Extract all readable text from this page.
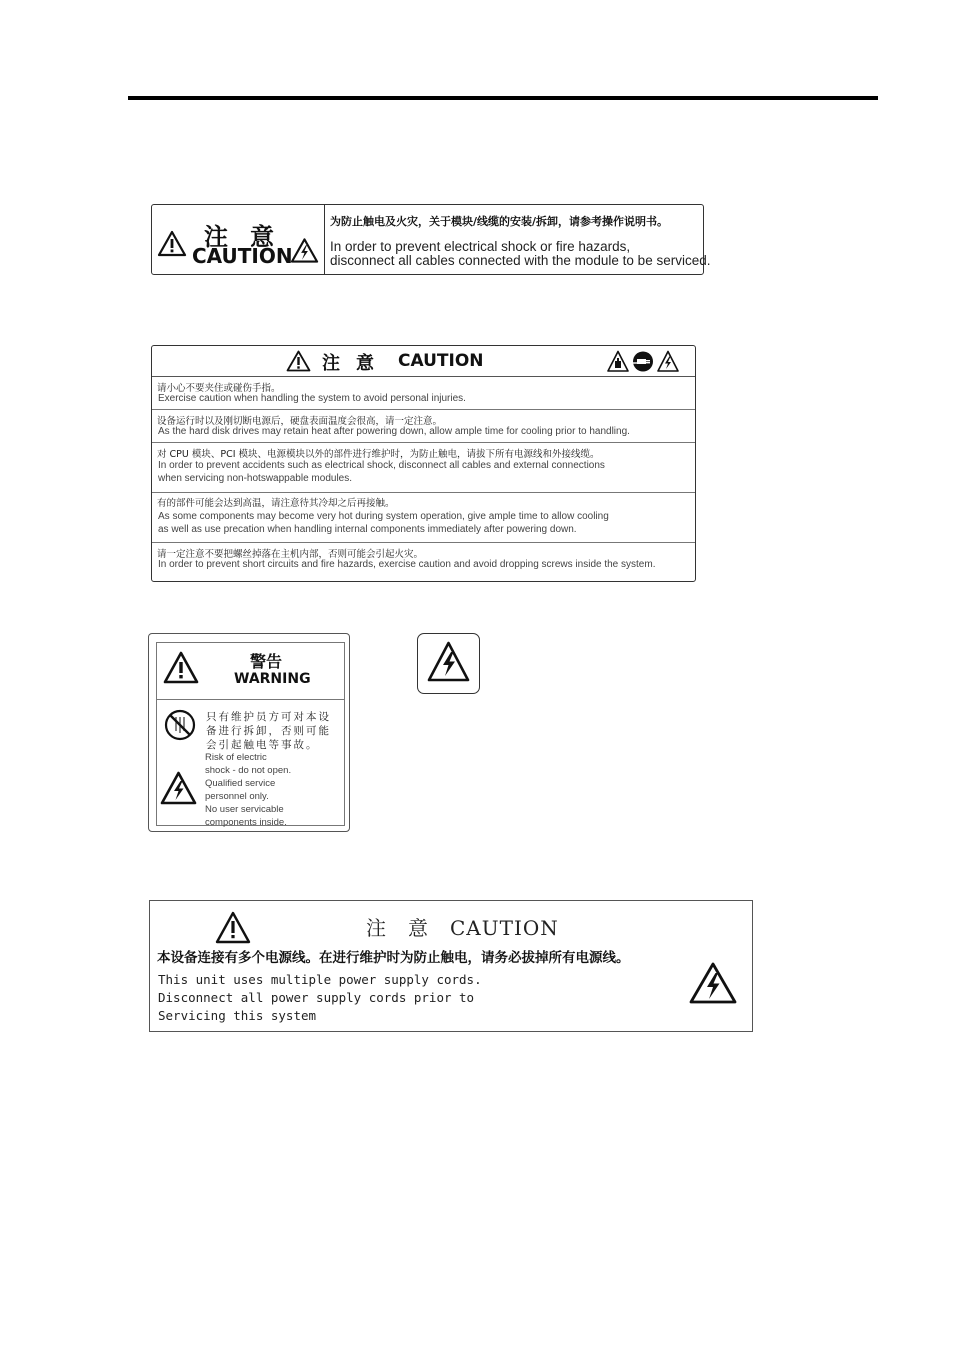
注意
CAUTION
为防止触电及火灾，关于模块/线缆的安装/拆卸，请参考操作说明书。
In order to prevent electrical shock or fire hazards,
disconnect all cables connected with the module to be serviced.
注意 CAUTION
请小心不要夹住或碰伤手指。
Exercise caution when handling the system to avoid personal injuries.
设备运行时以及刚切断电源后，硬盘表面温度会很高，请一定注意。
As the hard disk drives may retain heat after powering down, allow ample time for cooling prior to handling.
对 CPU 模块、PCI 模块、电源模块以外的部件进行维护时，为防止触电，请拔下所有电源线和外接线缆。
In order to prevent accidents such as electrical shock, disconnect all cables and external connections
when servicing non-hotswappable modules.
有的部件可能会达到高温，请注意待其冷却之后再接触。
As some components may become very hot during system operation, give ample time to allow cooling
as well as use precation when handling internal components immediately after powering down.
请一定注意不要把螺丝掉落在主机内部，否则可能会引起火灾。
In order to prevent short circuits and fire hazards, exercise caution and avoid dropping screws inside the system.
警告
WARNING
只有维护员方可对本设
备进行拆卸，否则可能
会引起触电等事故。
Risk of electric
shock - do not open.
Qualified service
personnel only.
No user servicable
components inside.
注　意　 CAUTION
本设备连接有多个电源线。在进行维护时为防止触电，请务必拔掉所有电源线。
This unit uses multiple power supply cords.
Disconnect all power supply cords prior to
Servicing this system
